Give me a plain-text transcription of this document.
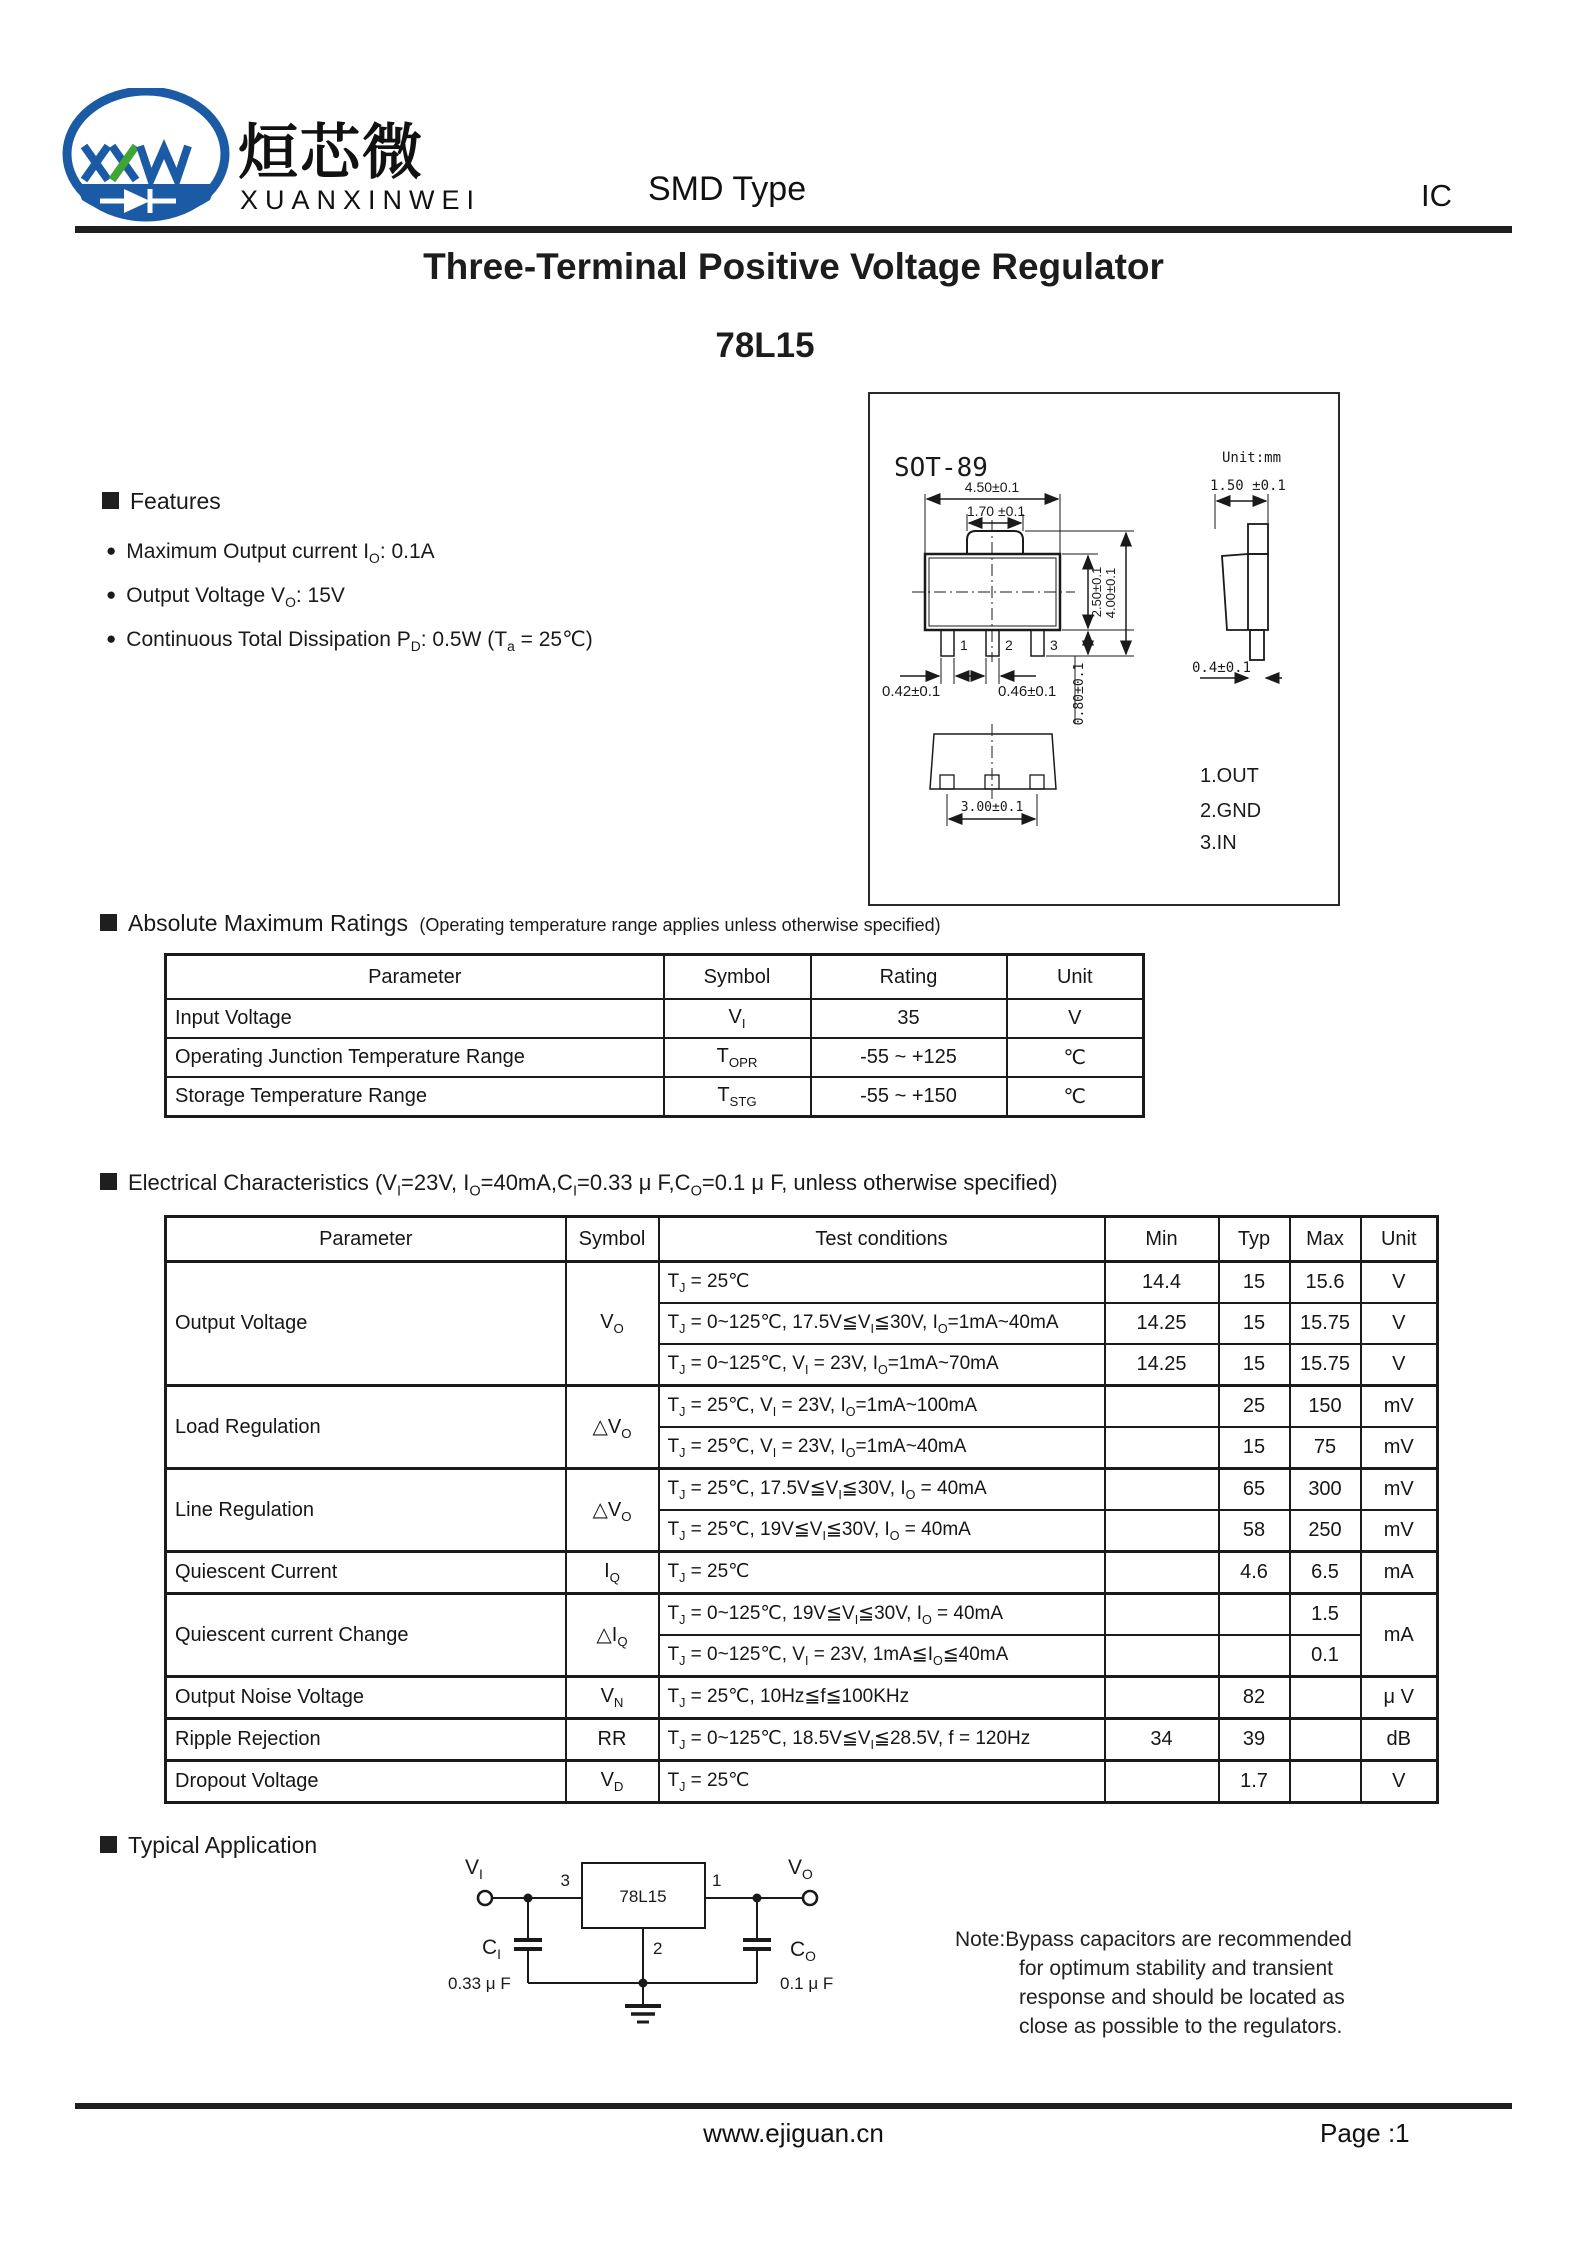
烜芯微
XUANXINWEI	SMD Type	IC
Three-Terminal Positive Voltage Regulator
78L15
Features
● Maximum Output current $I_O$: 0.1A
● Output Voltage $V_O$: 15V
● Continuous Total Dissipation $P_D$: 0.5W ($T_a$ = 25℃)
SOT-89	Unit:mm
4.50±0.1
1.70 ±0.1
1	2	3
2.50±0.1 4.00±0.1
0.80±0.1
0.42±0.1	0.46±0.1
1.50 ±0.1
0.4±0.1
3.00±0.1
1.OUT
2.GND
3.IN
Absolute Maximum Ratings (Operating temperature range applies unless otherwise specified)
Parameter	Symbol	Rating	Unit
Input Voltage	$V_I$	35	V
Operating Junction Temperature Range	$T_{OPR}$	-55 ~ +125	℃
Storage Temperature Range	$T_{STG}$	-55 ~ +150	℃
Electrical Characteristics ($V_I=23V$, $I_O=40mA,C_I=0.33$ μ $F,C_O=0.1$ μ F, unless otherwise specified)
Parameter	Symbol	Test conditions	Min	Typ	Max	Unit
Output Voltage	$V_O$	$T_J$ = 25℃	14.4	15	15.6	V
		$T_J$ = 0~125℃, $17.5V≦V_I≦30V$, $I_O=1mA\sim 40mA$	14.25	15	15.75	V
		$T_J$ = 0~125℃, $V_I = 23V$, $I_O=1mA\sim 70mA$	14.25	15	15.75	V
Load Regulation	$\triangle V_O$	$T_J$ = 25℃, $V_I = 23V$, $I_O=1mA\sim 100mA$		25	150	mV
		$T_J$ = 25℃, $V_I = 23V$, $I_O=1mA\sim 40mA$		15	75	mV
Line Regulation	$\triangle V_O$	$T_J$ = 25℃, $17.5V≦V_I≦30V$, $I_O = 40mA$		65	300	mV
		$T_J$ = 25℃, $19V≦V_I≦30V$, $I_O = 40mA$		58	250	mV
Quiescent Current	$I_Q$	$T_J$ = 25℃		4.6	6.5	mA
Quiescent current Change	$\triangle I_Q$	$T_J$ = 0~125℃, $19V≦V_I≦30V$, $I_O = 40mA$			1.5	mA
		$T_J$ = 0~125℃, $V_I = 23V$, $1mA≦I_O≦40mA$			0.1	
Output Noise Voltage	$V_N$	$T_J$ = 25℃, 10Hz≦f≦100KHz		82		μ V
Ripple Rejection	RR	$T_J$ = 0~125℃, $18.5V≦V_I≦28.5V$, f = 120Hz	34	39		dB
Dropout Voltage	$V_D$	$T_J$ = 25℃		1.7		V
Typical Application
78L15
3	1
2
$V_I$	$V_O$
$C_I$
0.33 μ F
$C_O$
0.1 μ F
Note:Bypass capacitors are recommended
for optimum stability and transient
response and should be located as
close as possible to the regulators.
www.ejiguan.cn	Page :1
